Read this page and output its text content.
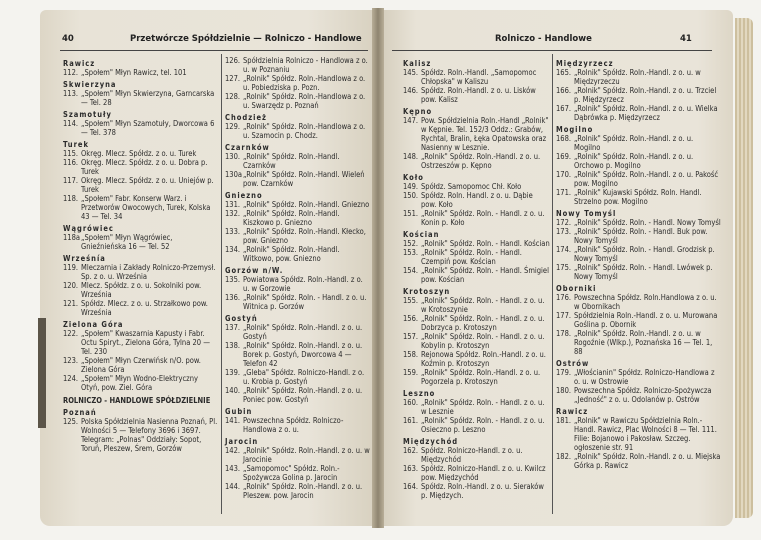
40	Przetwórcze Spółdzielnie — Rolniczo - Handlowe	Rolniczo - Handlowe	41
Rawicz
112. „Społem" Młyn Rawicz, tel. 101
Skwierzyna
113. „Społem" Młyn Skwierzyna, Garncarska — Tel. 28
Szamotuły
114. „Społem" Młyn Szamotuły, Dworcowa 6 — Tel. 378
Turek
115. Okręg. Mlecz. Spółdz. z o. u. Turek
116. Okręg. Mlecz. Spółdz. z o. u. Dobra p. Turek
117. Okręg. Mlecz. Spółdz. z o. u. Uniejów p. Turek
118. „Społem" Fabr. Konserw Warz. i Przetworów Owocowych, Turek, Kolska 43 — Tel. 34
Wągrówiec
118a „Społem" Młyn Wągrówiec, Gnieźnieńska 16 — Tel. 52
Wrześnía
119. Mleczarnia i Zakłady Rolniczo-Przemysł. Sp. z o. u. Września
120. Mlecz. Spółdz. z o. u. Sokolniki pow. Września
121. Spółdz. Mlecz. z o. u. Strzałkowo pow. Września
Zielona Góra
122. „Społem" Kwaszarnia Kapusty i Fabr. Octu Spiryt., Zielona Góra, Tylna 20 — Tel. 230
123. „Społem" Młyn Czerwińsk n/O. pow. Zielona Góra
124. „Społem" Młyn Wodno-Elektryczny Otyń, pow. Ziel. Góra
ROLNICZO - HANDLOWE SPÓŁDZIELNIE
Poznań
125. Polska Spółdzielnia Nasienna Poznań, Pl. Wolności 5 — Telefony 3696 i 3697. Telegram: „Polnas" Oddziały: Sopot, Toruń, Pleszew, Śrem, Gorzów
126. Spółdzielnia Rolniczo - Handlowa z o. u. w Poznaniu
127. „Rolnik" Spółdz. Roln.-Handlowa z o. u. Pobiedziska p. Pozn.
128. „Rolnik" Spółdz. Roln.-Handlowa z o. u. Swarzędz p. Poznań
Chodzież
129. „Rolnik" Spółdz. Roln.-Handlowa z o. u. Szamocin p. Chodz.
Czarnków
130. „Rolnik" Spółdz. Roln.-Handl. Czarnków
130a „Rolnik" Spółdz. Roln.-Handl. Wieleń pow. Czarnków
Gniezno
131. „Rolnik" Spółdz. Roln.-Handl. Gniezno
132. „Rolnik" Spółdz. Roln.-Handl. Kiszkowo p. Gniezno
133. „Rolnik" Spółdz. Roln.-Handl. Kłecko, pow. Gniezno
134. „Rolnik" Spółdz. Roln.-Handl. Witkowo, pow. Gniezno
Gorzów n/W.
135. Powiatowa Spółdz. Roln.-Handl. z o. u. w Gorzowie
136. „Rolnik" Spółdz. Roln. - Handl. z o. u. Witnica p. Gorzów
Gostyń
137. „Rolnik" Spółdz. Roln.-Handl. z o. u. Gostyń
138. „Rolnik" Spółdz. Roln.-Handl. z o. u. Borek p. Gostyń, Dworcowa 4 — Telefon 42
139. „Gleba" Spółdz. Rolniczo-Handl. z o. u. Krobia p. Gostyń
140. „Rolnik" Spółdz. Roln.-Handl. z o. u. Poniec pow. Gostyń
Gubin
141. Powszechna Spółdz. Rolniczo-Handlowa z o. u.
Jarocin
142. „Rolnik" Spółdz. Roln.-Handl. z o. u. w Jarocinie
143. „Samopomoc" Spółdz. Roln.-Spożywcza Golina p. Jarocin
144. „Rolnik" Spółdz. Roln.-Handl. z o. u. Pleszew. pow. Jarocin
Kalisz
145. Spółdz. Roln.-Handl. „Samopomoc Chłopska" w Kaliszu
146. Spółdz. Roln.-Handl. z o. u. Lisków pow. Kalisz
Kępno
147. Pow. Spółdzielnia Roln.-Handl „Rolnik" w Kępnie. Tel. 152/3 Oddz.: Grabów, Rychtal, Bralin, Łęka Opatowska oraz Nasienny w Lesznie.
148. „Rolnik" Spółdz. Roln.-Handl. z o. u. Ostrzeszów p. Kępno
Koło
149. Spółdz. Samopomoc Chł. Koło
150. Spółdz. Roln. Handl. z o. u. Dąbie pow. Koło
151. „Rolnik" Spółdz. Roln. - Handl. z o. u. Konin p. Koło
Kościan
152. „Rolnik" Spółdz. Roln. - Handl. Kościan
153. „Rolnik" Spółdz. Roln. - Handl. Czempiń pow. Kościan
154. „Rolnik" Spółdz. Roln. - Handl. Śmigiel pow. Kościan
Krotoszyn
155. „Rolnik" Spółdz. Roln. - Handl. z o. u. w Krotoszynie
156. „Rolnik" Spółdz. Roln. - Handl. z o. u. Dobrzyca p. Krotoszyn
157. „Rolnik" Spółdz. Roln. - Handl. z o. u. Kobylin p. Krotoszyn
158. Rejonowa Spółdz. Roln.-Handl. z o. u. Koźmin p. Krotoszyn
159. „Rolnik" Spółdz. Roln.-Handl. z o. u. Pogorzela p. Krotoszyn
Leszno
160. „Rolnik" Spółdz. Roln. - Handl. z o. u. w Lesznie
161. „Rolnik" Spółdz. Roln. - Handl. z o. u. Osieczno p. Leszno
Międzychód
162. Spółdz. Rolniczo-Handl. z o. u. Międzychód
163. Spółdz. Rolniczo-Handl. z o. u. Kwilcz pow. Międzychód
164. Spółdz. Roln.-Handl. z o. u. Sieraków p. Międzych.
Międzyrzecz
165. „Rolnik" Spółdz. Roln.-Handl. z o. u. w Międzyrzeczu
166. „Rolnik" Spółdz. Roln.-Handl. z o. u. Trzciel p. Międzyrzecz
167. „Rolnik" Spółdz. Roln.-Handl. z o. u. Wielka Dąbrówka p. Międzyrzecz
Mogilno
168. „Rolnik" Spółdz. Roln.-Handl. z o. u. Mogilno
169. „Rolnik" Spółdz. Roln.-Handl. z o. u. Orchowo p. Mogilno
170. „Rolnik" Spółdz. Roln.-Handl. z o. u. Pakość pow. Mogilno
171. „Rolnik" Kujawski Spółdz. Roln. Handl. Strzelno pow. Mogilno
Nowy Tomyśl
172. „Rolnik" Spółdz. Roln. - Handl. Nowy Tomyśl
173. „Rolnik" Spółdz. Roln. - Handl. Buk pow. Nowy Tomyśl
174. „Rolnik" Spółdz. Roln. - Handl. Grodzisk p. Nowy Tomyśl
175. „Rolnik" Spółdz. Roln. - Handl. Lwówek p. Nowy Tomyśl
Oborniki
176. Powszechna Spółdz. Roln.Handlowa z o. u. w Obornikach
177. Spółdzielnia Roln.-Handl. z o. u. Murowana Goślina p. Obornik
178. „Rolnik" Spółdz. Roln.-Handl. z o. u. w Rogoźnie (Wlkp.), Poznańska 16 — Tel. 1, 88
Ostrów
179. „Włościanin" Spółdz. Rolniczo-Handlowa z o. u. w Ostrowie
180. Powszechna Spółdz. Rolniczo-Spożywcza „Jedność" z o. u. Odolanów p. Ostrów
Rawicz
181. „Rolnik" w Rawiczu Spółdzielnia Roln.-Handl. Rawicz, Plac Wolności 8 — Tel. 111. Filie: Bojanowo i Pakosław. Szczeg. ogłoszenie str. 91
182. „Rolnik" Spółdz. Roln.-Handl. z o. u. Miejska Górka p. Rawicz
